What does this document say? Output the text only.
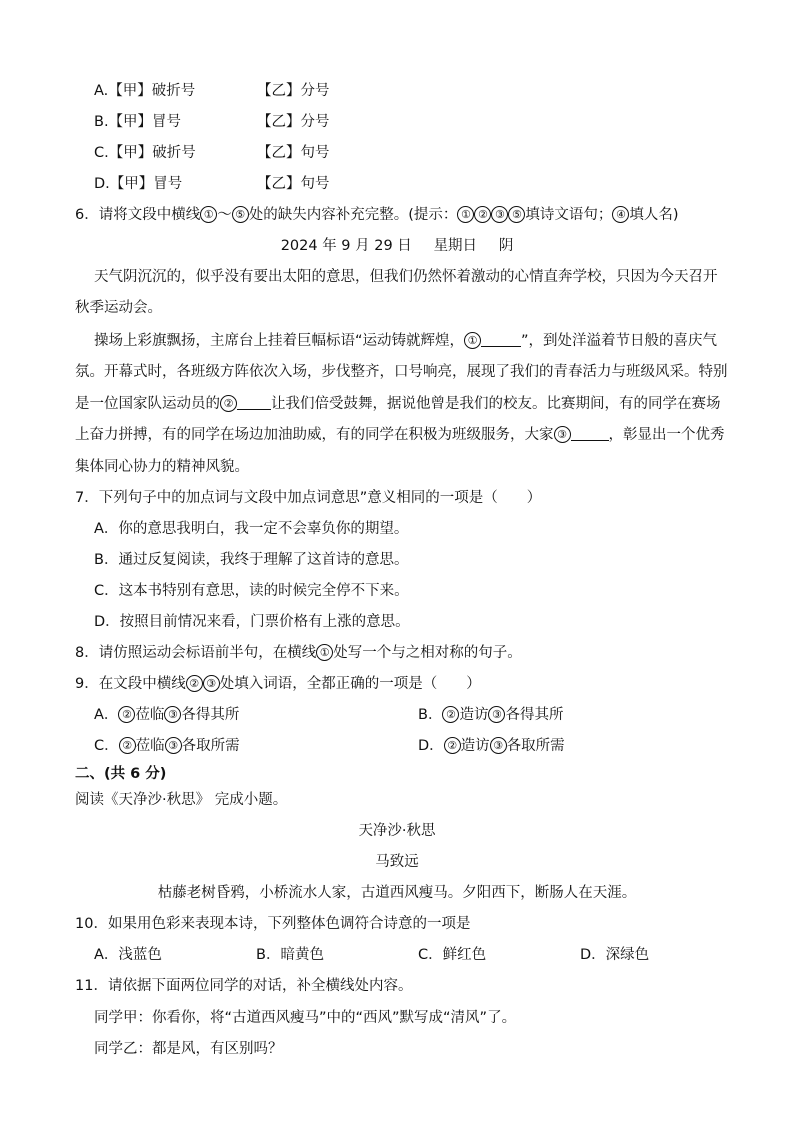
A.【甲】破折号	【乙】分号
B.【甲】冒号	【乙】分号
C.【甲】破折号	【乙】句号
D.【甲】冒号	【乙】句号
6．请将文段中横线 ① ～ ⑤ 处的缺失内容补充完整。(提示： ① ② ③ ⑤ 填诗文语句； ④ 填人名)
2024 年 9 月 29 日　  星期日　  阴
天气阴沉沉的，似乎没有要出太阳的意思，但我们仍然怀着激动的心情直奔学校，只因为今天召开
秋季运动会。
操场上彩旗飘扬，主席台上挂着巨幅标语“运动铸就辉煌， ①	”，到处洋溢着节日般的喜庆气
氛。开幕式时，各班级方阵依次入场，步伐整齐，口号响亮，展现了我们的青春活力与班级风采。特别
是一位国家队运动员的 ②	让我们倍受鼓舞，据说他曾是我们的校友。比赛期间，有的同学在赛场
上奋力拼搏，有的同学在场边加油助威，有的同学在积极为班级服务，大家 ③	，彰显出一个优秀
集体同心协力的精神风貌。
7．下列句子中的加点词与文段中加点词意思”意义相同的一项是（　　）
A．你的意思我明白，我一定不会辜负你的期望。
B．通过反复阅读，我终于理解了这首诗的意思。
C．这本书特别有意思，读的时候完全停不下来。
D．按照目前情况来看，门票价格有上涨的意思。
8．请仿照运动会标语前半句，在横线 ① 处写一个与之相对称的句子。
9．在文段中横线 ② ③ 处填入词语，全都正确的一项是（　　）
A． ② 莅临 ③ 各得其所	B． ② 造访 ③ 各得其所
C． ② 莅临 ③ 各取所需	D． ② 造访 ③ 各取所需
二、(共 6 分)
阅读《天净沙·秋思》 完成小题。
天净沙·秋思
马致远
枯藤老树昏鸦，小桥流水人家，古道西风瘦马。夕阳西下，断肠人在天涯。
10．如果用色彩来表现本诗，下列整体色调符合诗意的一项是
A．浅蓝色	B．暗黄色	C．鲜红色	D．深绿色
11．请依据下面两位同学的对话，补全横线处内容。
同学甲：你看你，将“古道西风瘦马”中的“西风”默写成“清风”了。
同学乙：都是风，有区别吗？
